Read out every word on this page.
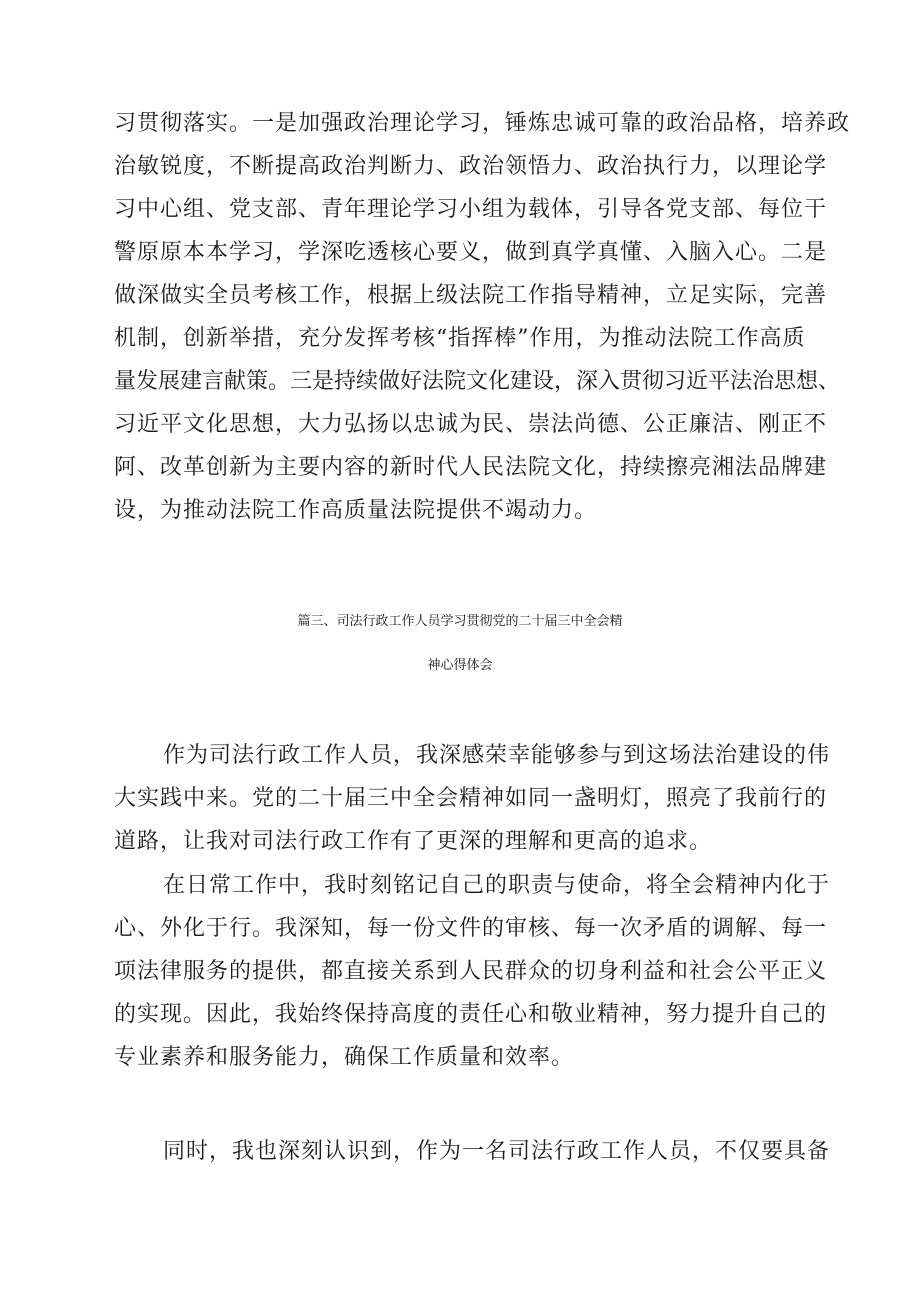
习贯彻落实。一是加强政治理论学习，锤炼忠诚可靠的政治品格，培养政
治敏锐度，不断提高政治判断力、政治领悟力、政治执行力，以理论学
习中心组、党支部、青年理论学习小组为载体，引导各党支部、每位干
警原原本本学习，学深吃透核心要义，做到真学真懂、入脑入心。二是
做深做实全员考核工作，根据上级法院工作指导精神，立足实际，完善
机制，创新举措，充分发挥考核“指挥棒”作用，为推动法院工作高质
量发展建言献策。三是持续做好法院文化建设，深入贯彻习近平法治思想、
习近平文化思想，大力弘扬以忠诚为民、崇法尚德、公正廉洁、刚正不
阿、改革创新为主要内容的新时代人民法院文化，持续擦亮湘法品牌建
设，为推动法院工作高质量法院提供不竭动力。
篇三、司法行政工作人员学习贯彻党的二十届三中全会精
神心得体会
作为司法行政工作人员，我深感荣幸能够参与到这场法治建设的伟
大实践中来。党的二十届三中全会精神如同一盏明灯，照亮了我前行的
道路，让我对司法行政工作有了更深的理解和更高的追求。
在日常工作中，我时刻铭记自己的职责与使命，将全会精神内化于
心、外化于行。我深知，每一份文件的审核、每一次矛盾的调解、每一
项法律服务的提供，都直接关系到人民群众的切身利益和社会公平正义
的实现。因此，我始终保持高度的责任心和敬业精神，努力提升自己的
专业素养和服务能力，确保工作质量和效率。
同时，我也深刻认识到，作为一名司法行政工作人员，不仅要具备
